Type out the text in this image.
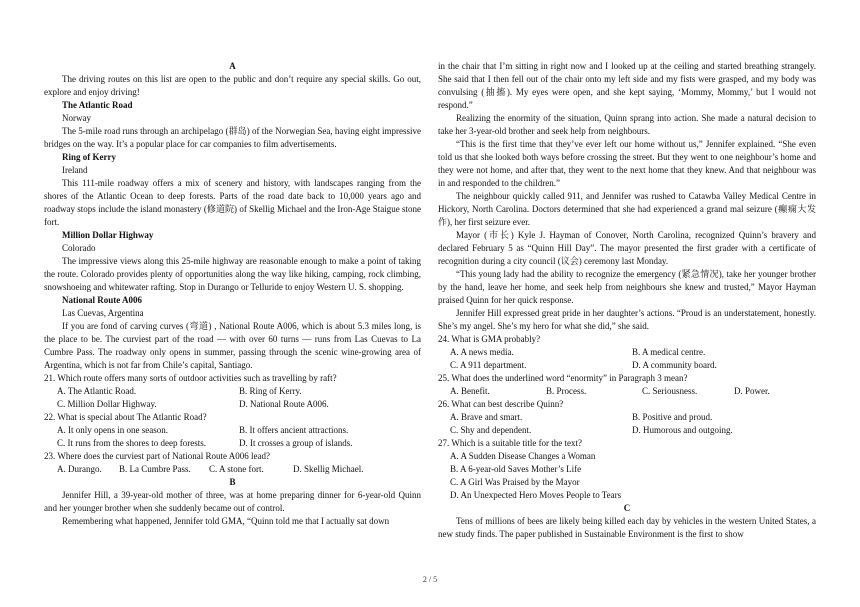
A

The driving routes on this list are open to the public and don’t require any special skills. Go out, explore and enjoy driving!

The Atlantic Road

Norway

The 5-mile road runs through an archipelago (群岛) of the Norwegian Sea, having eight impressive bridges on the way. It’s a popular place for car companies to film advertisements.

Ring of Kerry

Ireland

This 111-mile roadway offers a mix of scenery and history, with landscapes ranging from the shores of the Atlantic Ocean to deep forests. Parts of the road date back to 10,000 years ago and roadway stops include the island monastery (修道院) of Skellig Michael and the Iron-Age Staigue stone fort.

Million Dollar Highway

Colorado

The impressive views along this 25-mile highway are reasonable enough to make a point of taking the route. Colorado provides plenty of opportunities along the way like hiking, camping, rock climbing, snowshoeing and whitewater rafting. Stop in Durango or Telluride to enjoy Western U. S. shopping.

National Route A006

Las Cuevas, Argentina

If you are fond of carving curves (弯道) , National Route A006, which is about 5.3 miles long, is the place to be. The curviest part of the road — with over 60 turns — runs from Las Cuevas to La Cumbre Pass. The roadway only opens in summer, passing through the scenic wine-growing area of Argentina, which is not far from Chile’s capital, Santiago.

21. Which route offers many sorts of outdoor activities such as travelling by raft?

A. The Atlantic Road.	B. Ring of Kerry.
C. Million Dollar Highway.	D. National Route A006.

22. What is special about The Atlantic Road?

A. It only opens in one season.	B. It offers ancient attractions.
C. It runs from the shores to deep forests.	D. It crosses a group of islands.

23. Where does the curviest part of National Route A006 lead?

A. Durango.	B. La Cumbre Pass.	C. A stone fort.	D. Skellig Michael.

B

Jennifer Hill, a 39-year-old mother of three, was at home preparing dinner for 6-year-old Quinn and her younger brother when she suddenly became out of control.

Remembering what happened, Jennifer told GMA, “Quinn told me that I actually sat down

in the chair that I’m sitting in right now and I looked up at the ceiling and started breathing strangely. She said that I then fell out of the chair onto my left side and my fists were grasped, and my body was convulsing (抽搐). My eyes were open, and she kept saying, ‘Mommy, Mommy,’ but I would not respond.”

Realizing the enormity of the situation, Quinn sprang into action. She made a natural decision to take her 3-year-old brother and seek help from neighbours.

“This is the first time that they’ve ever left our home without us,” Jennifer explained. “She even told us that she looked both ways before crossing the street. But they went to one neighbour’s home and they were not home, and after that, they went to the next home that they knew. And that neighbour was in and responded to the children.”

The neighbour quickly called 911, and Jennifer was rushed to Catawba Valley Medical Centre in Hickory, North Carolina. Doctors determined that she had experienced a grand mal seizure (癫痫大发作), her first seizure ever.

Mayor (市长) Kyle J. Hayman of Conover, North Carolina, recognized Quinn’s bravery and declared February 5 as “Quinn Hill Day”. The mayor presented the first grader with a certificate of recognition during a city council (议会) ceremony last Monday.

“This young lady had the ability to recognize the emergency (紧急情况), take her younger brother by the hand, leave her home, and seek help from neighbours she knew and trusted,” Mayor Hayman praised Quinn for her quick response.

Jennifer Hill expressed great pride in her daughter’s actions. “Proud is an understatement, honestly. She’s my angel. She’s my hero for what she did,” she said.

24. What is GMA probably?

A. A news media.	B. A medical centre.
C. A 911 department.	D. A community board.

25. What does the underlined word “enormity” in Paragraph 3 mean?

A. Benefit.	B. Process.	C. Seriousness.	D. Power.

26. What can best describe Quinn?

A. Brave and smart.	B. Positive and proud.
C. Shy and dependent.	D. Humorous and outgoing.

27. Which is a suitable title for the text?

A. A Sudden Disease Changes a Woman

B. A 6-year-old Saves Mother’s Life

C. A Girl Was Praised by the Mayor

D. An Unexpected Hero Moves People to Tears

C

Tens of millions of bees are likely being killed each day by vehicles in the western United States, a new study finds. The paper published in Sustainable Environment is the first to show

2 / 5
